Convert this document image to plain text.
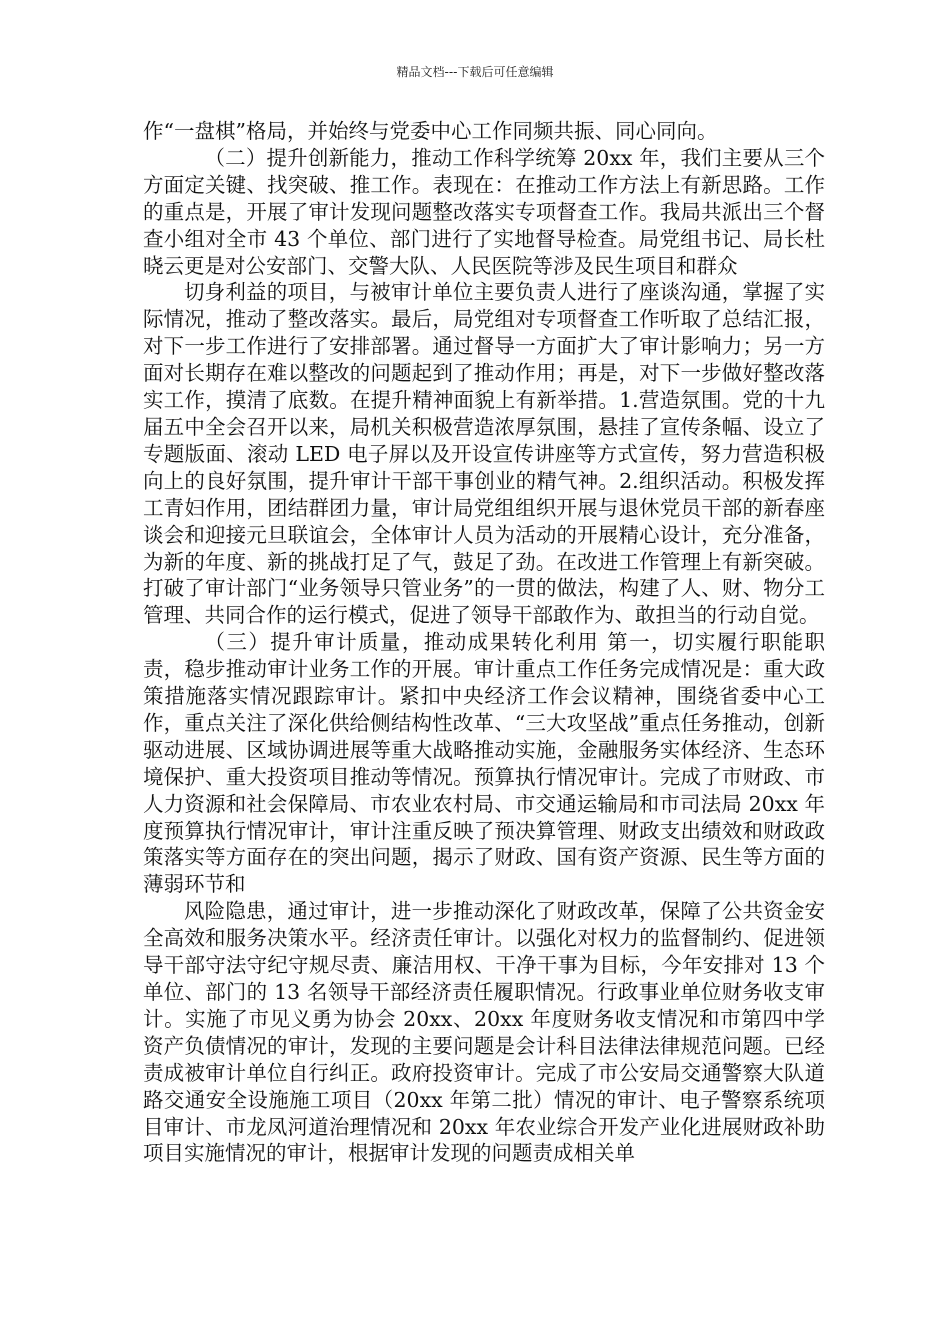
精品文档---下载后可任意编辑

作“一盘棋”格局，并始终与党委中心工作同频共振、同心同向。

（二）提升创新能力，推动工作科学统筹 20xx 年，我们主要从三个方面定关键、找突破、推工作。表现在：在推动工作方法上有新思路。工作的重点是，开展了审计发现问题整改落实专项督查工作。我局共派出三个督查小组对全市 43 个单位、部门进行了实地督导检查。局党组书记、局长杜晓云更是对公安部门、交警大队、人民医院等涉及民生项目和群众

切身利益的项目，与被审计单位主要负责人进行了座谈沟通，掌握了实际情况，推动了整改落实。最后，局党组对专项督查工作听取了总结汇报，对下一步工作进行了安排部署。通过督导一方面扩大了审计影响力；另一方面对长期存在难以整改的问题起到了推动作用；再是，对下一步做好整改落实工作，摸清了底数。在提升精神面貌上有新举措。1.营造氛围。党的十九届五中全会召开以来，局机关积极营造浓厚氛围，悬挂了宣传条幅、设立了专题版面、滚动 LED 电子屏以及开设宣传讲座等方式宣传，努力营造积极向上的良好氛围，提升审计干部干事创业的精气神。2.组织活动。积极发挥工青妇作用，团结群团力量，审计局党组组织开展与退休党员干部的新春座谈会和迎接元旦联谊会，全体审计人员为活动的开展精心设计，充分准备，为新的年度、新的挑战打足了气，鼓足了劲。在改进工作管理上有新突破。打破了审计部门“业务领导只管业务”的一贯的做法，构建了人、财、物分工管理、共同合作的运行模式，促进了领导干部敢作为、敢担当的行动自觉。

（三）提升审计质量，推动成果转化利用 第一，切实履行职能职责，稳步推动审计业务工作的开展。审计重点工作任务完成情况是：重大政策措施落实情况跟踪审计。紧扣中央经济工作会议精神，围绕省委中心工作，重点关注了深化供给侧结构性改革、“三大攻坚战”重点任务推动，创新驱动进展、区域协调进展等重大战略推动实施，金融服务实体经济、生态环境保护、重大投资项目推动等情况。预算执行情况审计。完成了市财政、市人力资源和社会保障局、市农业农村局、市交通运输局和市司法局 20xx 年度预算执行情况审计，审计注重反映了预决算管理、财政支出绩效和财政政策落实等方面存在的突出问题，揭示了财政、国有资产资源、民生等方面的薄弱环节和

风险隐患，通过审计，进一步推动深化了财政改革，保障了公共资金安全高效和服务决策水平。经济责任审计。以强化对权力的监督制约、促进领导干部守法守纪守规尽责、廉洁用权、干净干事为目标，今年安排对 13 个单位、部门的 13 名领导干部经济责任履职情况。行政事业单位财务收支审计。实施了市见义勇为协会 20xx、20xx 年度财务收支情况和市第四中学资产负债情况的审计，发现的主要问题是会计科目法律法律规范问题。已经责成被审计单位自行纠正。政府投资审计。完成了市公安局交通警察大队道路交通安全设施施工项目（20xx 年第二批）情况的审计、电子警察系统项目审计、市龙凤河道治理情况和 20xx 年农业综合开发产业化进展财政补助项目实施情况的审计，根据审计发现的问题责成相关单
